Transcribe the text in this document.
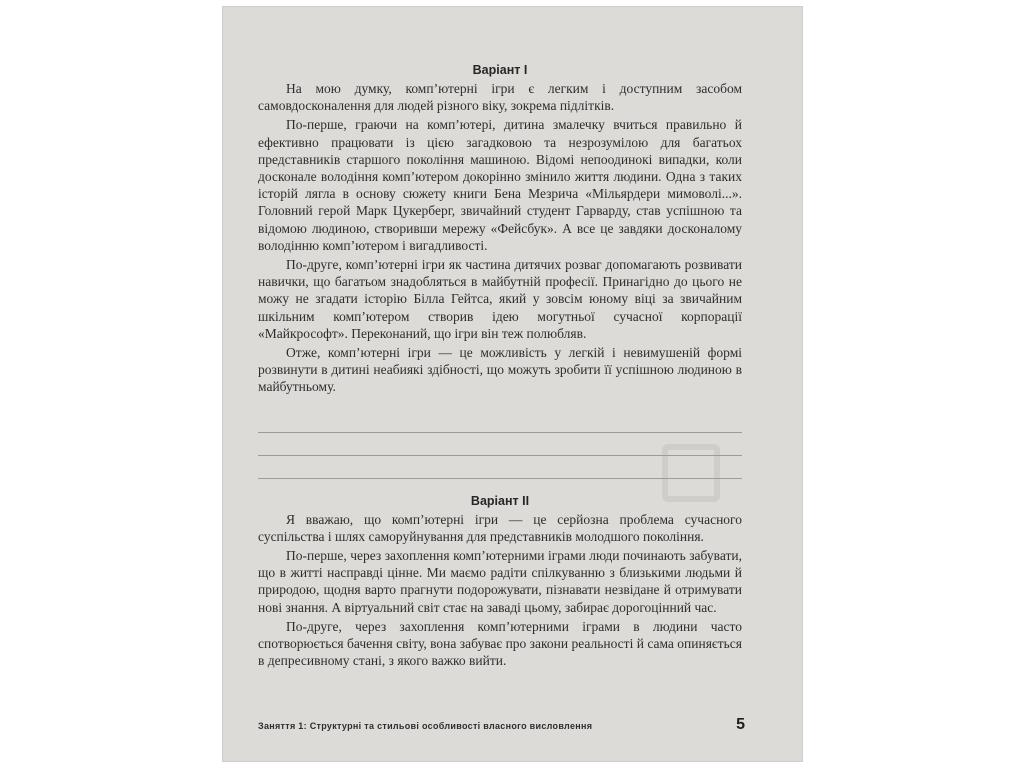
Варіант І

На мою думку, комп’ютерні ігри є легким і доступним засобом самовдосконалення для людей різного віку, зокрема підлітків.

По-перше, граючи на комп’ютері, дитина змалечку вчиться правильно й ефективно працювати із цією загадковою та незрозумілою для багатьох представників старшого покоління машиною. Відомі непоодинокі випадки, коли досконале володіння комп’ютером докорінно змінило життя людини. Одна з таких історій лягла в основу сюжету книги Бена Мезрича «Мільярдери мимоволі...». Головний герой Марк Цукерберг, звичайний студент Гарварду, став успішною та відомою людиною, створивши мережу «Фейсбук». А все це завдяки досконалому володінню комп’ютером і вигадливості.

По-друге, комп’ютерні ігри як частина дитячих розваг допомагають розвивати навички, що багатьом знадобляться в майбутній професії. Принагідно до цього не можу не згадати історію Білла Гейтса, який у зовсім юному віці за звичайним шкільним комп’ютером створив ідею могутньої сучасної корпорації «Майкрософт». Переконаний, що ігри він теж полюбляв.

Отже, комп’ютерні ігри — це можливість у легкій і невимушеній формі розвинути в дитині неабиякі здібності, що можуть зробити її успішною людиною в майбутньому.

Варіант ІІ

Я вважаю, що комп’ютерні ігри — це серйозна проблема сучасного суспільства і шлях саморуйнування для представників молодшого покоління.

По-перше, через захоплення комп’ютерними іграми люди починають забувати, що в житті насправді цінне. Ми маємо радіти спілкуванню з близькими людьми й природою, щодня варто прагнути подорожувати, пізнавати незвідане й отримувати нові знання. А віртуальний світ стає на заваді цьому, забирає дорогоцінний час.

По-друге, через захоплення комп’ютерними іграми в людини часто спотворюється бачення світу, вона забуває про закони реальності й сама опиняється в депресивному стані, з якого важко вийти.

Заняття 1: Структурні та стильові особливості власного висловлення	5
